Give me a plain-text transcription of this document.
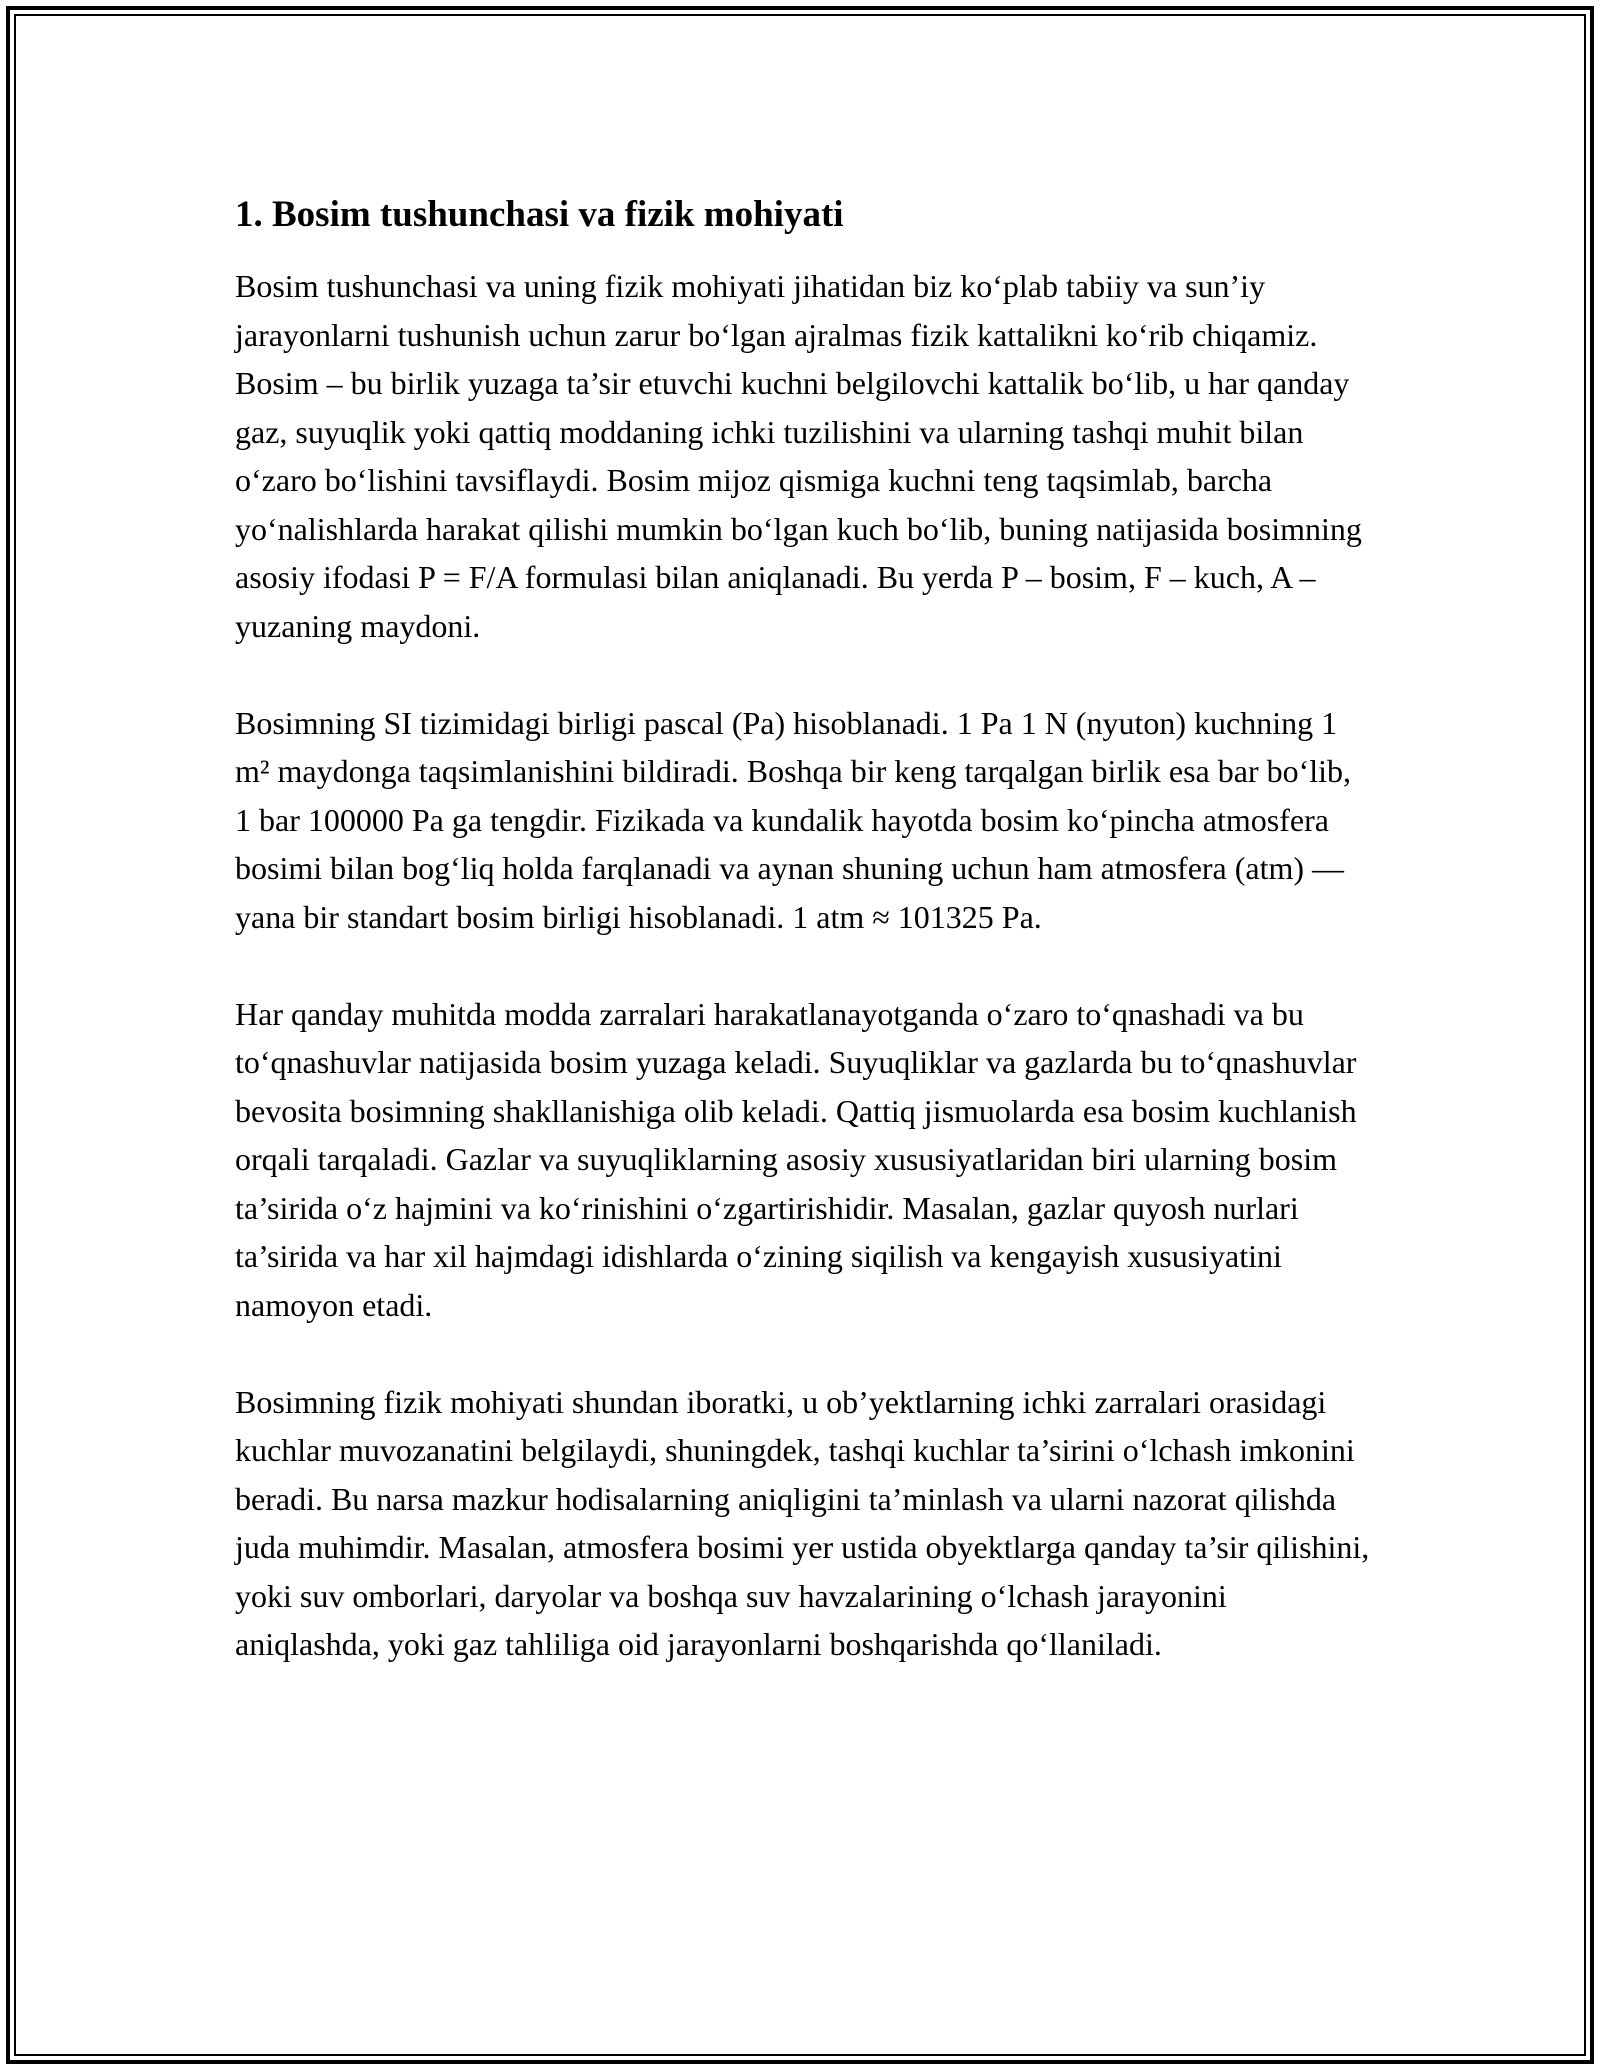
1. Bosim tushunchasi va fizik mohiyati

Bosim tushunchasi va uning fizik mohiyati jihatidan biz ko‘plab tabiiy va sun’iy jarayonlarni tushunish uchun zarur bo‘lgan ajralmas fizik kattalikni ko‘rib chiqamiz. Bosim – bu birlik yuzaga ta’sir etuvchi kuchni belgilovchi kattalik bo‘lib, u har qanday gaz, suyuqlik yoki qattiq moddaning ichki tuzilishini va ularning tashqi muhit bilan o‘zaro bo‘lishini tavsiflaydi. Bosim mijoz qismiga kuchni teng taqsimlab, barcha yo‘nalishlarda harakat qilishi mumkin bo‘lgan kuch bo‘lib, buning natijasida bosimning asosiy ifodasi P = F/A formulasi bilan aniqlanadi. Bu yerda P – bosim, F – kuch, A – yuzaning maydoni.

Bosimning SI tizimidagi birligi pascal (Pa) hisoblanadi. 1 Pa 1 N (nyuton) kuchning 1 m² maydonga taqsimlanishini bildiradi. Boshqa bir keng tarqalgan birlik esa bar bo‘lib, 1 bar 100000 Pa ga tengdir. Fizikada va kundalik hayotda bosim ko‘pincha atmosfera bosimi bilan bog‘liq holda farqlanadi va aynan shuning uchun ham atmosfera (atm) — yana bir standart bosim birligi hisoblanadi. 1 atm ≈ 101325 Pa.

Har qanday muhitda modda zarralari harakatlanayotganda o‘zaro to‘qnashadi va bu to‘qnashuvlar natijasida bosim yuzaga keladi. Suyuqliklar va gazlarda bu to‘qnashuvlar bevosita bosimning shakllanishiga olib keladi. Qattiq jismuolarda esa bosim kuchlanish orqali tarqaladi. Gazlar va suyuqliklarning asosiy xususiyatlaridan biri ularning bosim ta’sirida o‘z hajmini va ko‘rinishini o‘zgartirishidir. Masalan, gazlar quyosh nurlari ta’sirida va har xil hajmdagi idishlarda o‘zining siqilish va kengayish xususiyatini namoyon etadi.

Bosimning fizik mohiyati shundan iboratki, u ob’yektlarning ichki zarralari orasidagi kuchlar muvozanatini belgilaydi, shuningdek, tashqi kuchlar ta’sirini o‘lchash imkonini beradi. Bu narsa mazkur hodisalarning aniqligini ta’minlash va ularni nazorat qilishda juda muhimdir. Masalan, atmosfera bosimi yer ustida obyektlarga qanday ta’sir qilishini, yoki suv omborlari, daryolar va boshqa suv havzalarining o‘lchash jarayonini aniqlashda, yoki gaz tahliliga oid jarayonlarni boshqarishda qo‘llaniladi.
